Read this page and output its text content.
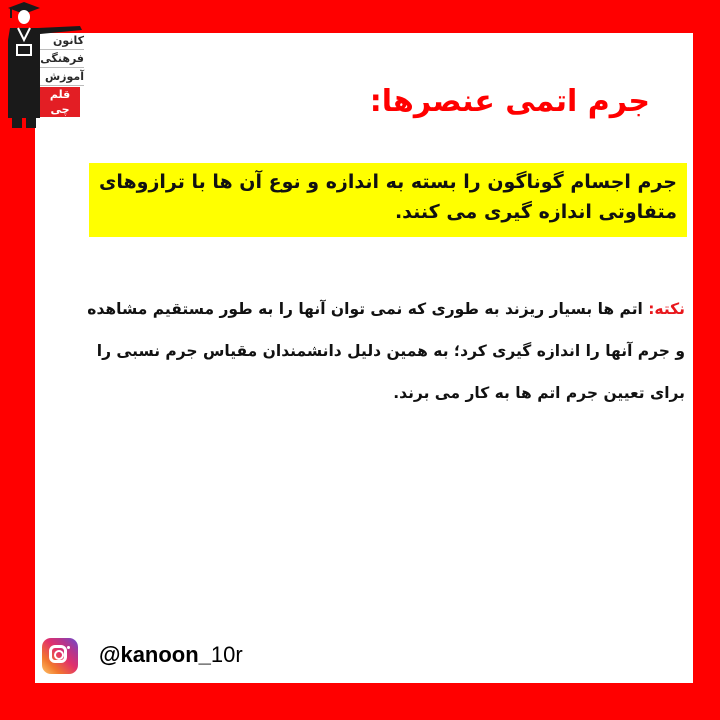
کانون
فرهنگی
آموزش
قلم چی	جرم اتمی عنصرها:
جرم اجسام گوناگون را بسته به اندازه و نوع آن ها با ترازوهای
متفاوتی اندازه گیری می کنند.
نکته: اتم ها بسیار ریزند به طوری که نمی توان آنها را به طور مستقیم مشاهده و جرم آنها را اندازه گیری کرد؛ به همین دلیل دانشمندان مقیاس جرم نسبی را برای تعیین جرم اتم ها به کار می برند.
@kanoon_10r
